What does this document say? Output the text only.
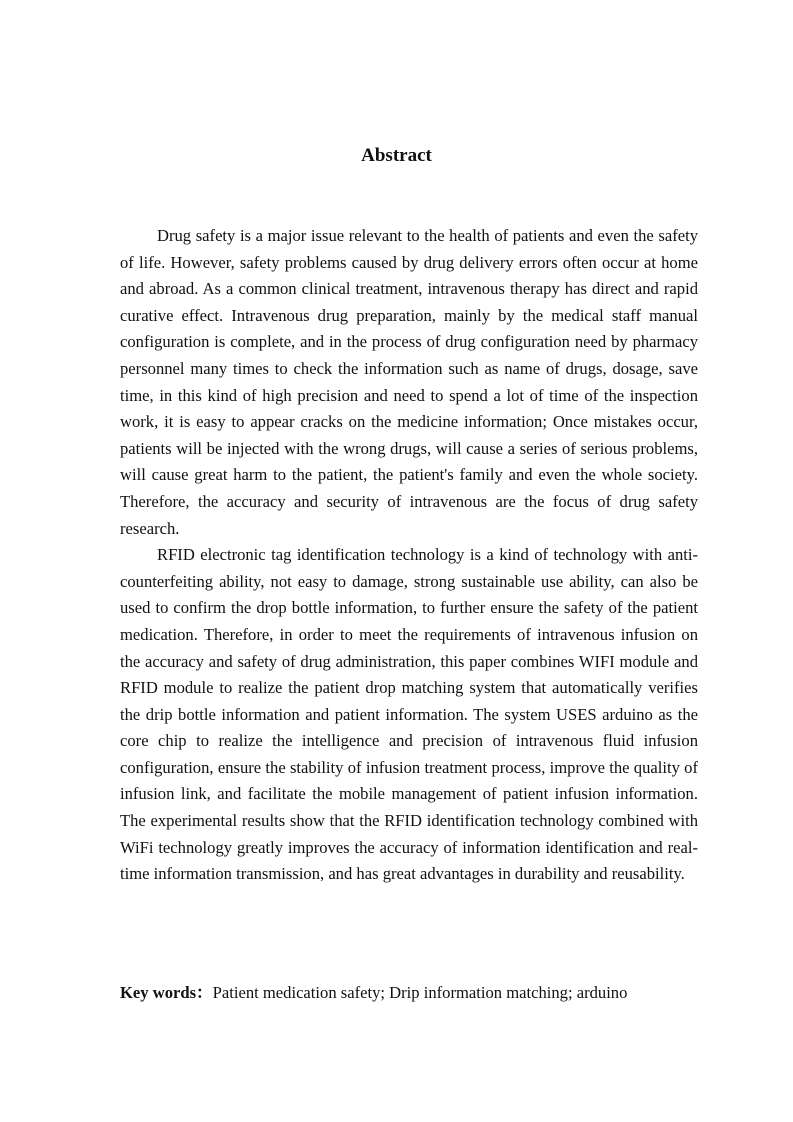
Abstract

Drug safety is a major issue relevant to the health of patients and even the safety of life. However, safety problems caused by drug delivery errors often occur at home and abroad. As a common clinical treatment, intravenous therapy has direct and rapid curative effect. Intravenous drug preparation, mainly by the medical staff manual configuration is complete, and in the process of drug configuration need by pharmacy personnel many times to check the information such as name of drugs, dosage, save time, in this kind of high precision and need to spend a lot of time of the inspection work, it is easy to appear cracks on the medicine information; Once mistakes occur, patients will be injected with the wrong drugs, will cause a series of serious problems, will cause great harm to the patient, the patient's family and even the whole society. Therefore, the accuracy and security of intravenous are the focus of drug safety research.

RFID electronic tag identification technology is a kind of technology with anti-counterfeiting ability, not easy to damage, strong sustainable use ability, can also be used to confirm the drop bottle information, to further ensure the safety of the patient medication. Therefore, in order to meet the requirements of intravenous infusion on the accuracy and safety of drug administration, this paper combines WIFI module and RFID module to realize the patient drop matching system that automatically verifies the drip bottle information and patient information. The system USES arduino as the core chip to realize the intelligence and precision of intravenous fluid infusion configuration, ensure the stability of infusion treatment process, improve the quality of infusion link, and facilitate the mobile management of patient infusion information. The experimental results show that the RFID identification technology combined with WiFi technology greatly improves the accuracy of information identification and real-time information transmission, and has great advantages in durability and reusability.

Key words：Patient medication safety; Drip information matching; arduino
